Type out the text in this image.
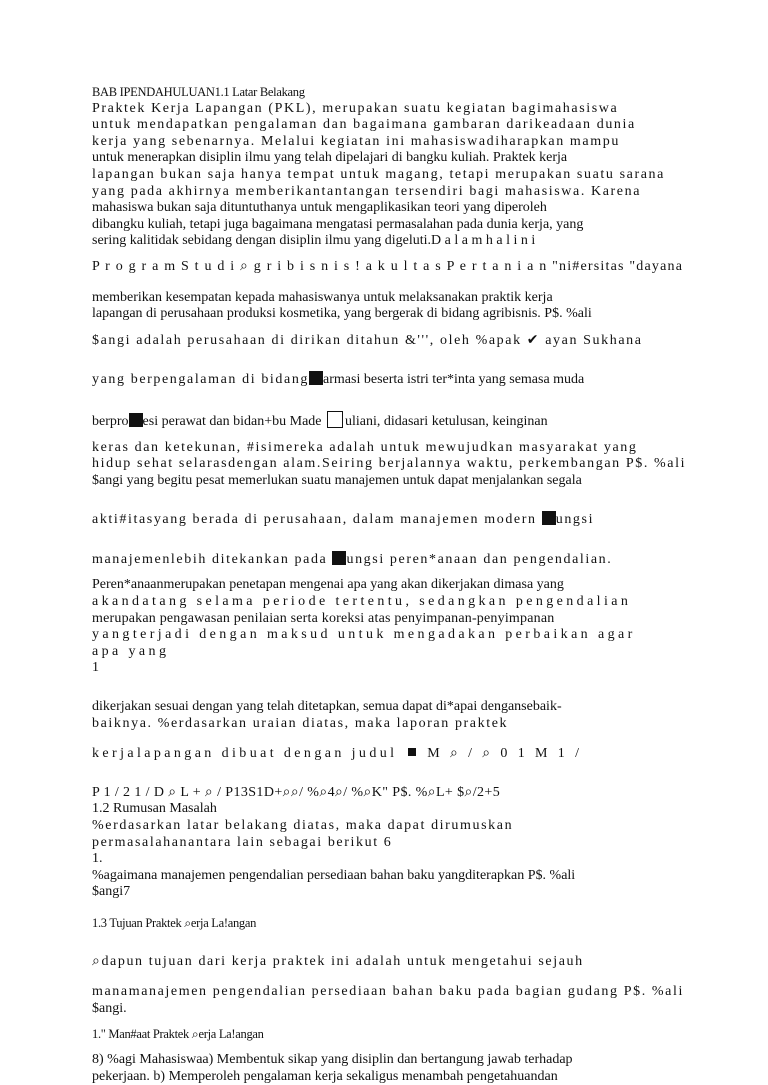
BAB IPENDAHULUAN1.1 Latar Belakang
Praktek Kerja Lapangan (PKL), merupakan suatu kegiatan bagimahasiswa
untuk mendapatkan pengalaman dan bagaimana gambaran darikeadaan dunia
kerja yang sebenarnya. Melalui kegiatan ini mahasiswadiharapkan mampu
untuk menerapkan disiplin ilmu yang telah dipelajari di bangku kuliah. Praktek kerja
lapangan bukan saja hanya tempat untuk magang, tetapi merupakan suatu sarana
yang pada akhirnya memberikantantangan tersendiri bagi mahasiswa. Karena
mahasiswa bukan saja dituntuthanya untuk mengaplikasikan teori yang diperoleh
dibangku kuliah, tetapi juga bagaimana mengatasi permasalahan pada dunia kerja, yang
sering kalitidak sebidang dengan disiplin ilmu yang digeluti.D a l a m h a l i n i
P r o g r a m S t u d i ⌕ g r i b i s n i s ! a k u l t a s P e r t a n i a n "ni#ersitas "dayana
memberikan kesempatan kepada mahasiswanya untuk melaksanakan praktik kerja
lapangan di perusahaan produksi kosmetika, yang bergerak di bidang agribisnis. P$. %ali
$angi adalah perusahaan di dirikan ditahun &''', oleh %apak ✔ ayan Sukhana
yang berpengalaman di bidang armasi beserta istri ter*inta yang semasa muda
berpro esi perawat dan bidan+bu Made uliani, didasari ketulusan, keinginan
keras dan ketekunan, #isimereka adalah untuk mewujudkan masyarakat yang
hidup sehat selarasdengan alam.Seiring berjalannya waktu, perkembangan P$. %ali
$angi yang begitu pesat memerlukan suatu manajemen untuk dapat menjalankan segala
akti#itasyang berada di perusahaan, dalam manajemen modern ungsi
manajemenlebih ditekankan pada ungsi peren*anaan dan pengendalian.
Peren*anaanmerupakan penetapan mengenai apa yang akan dikerjakan dimasa yang
akandatang selama periode tertentu, sedangkan pengendalian
merupakan pengawasan penilaian serta koreksi atas penyimpanan-penyimpanan
yangterjadi dengan maksud untuk mengadakan perbaikan agar
apa yang
1
dikerjakan sesuai dengan yang telah ditetapkan, semua dapat di*apai dengansebaik-
baiknya. %erdasarkan uraian diatas, maka laporan praktek
kerjalapangan dibuat dengan judul  M ⌕ / ⌕ 0 1 M 1 /
P 1 / 2 1 / D ⌕ L + ⌕ / P13S1D+⌕⌕/ %⌕4⌕/ %⌕K" P$. %⌕L+ $⌕/2+5
1.2 Rumusan Masalah
%erdasarkan latar belakang diatas, maka dapat dirumuskan
permasalahanantara lain sebagai berikut 6
1.
%agaimana manajemen pengendalian persediaan bahan baku yangditerapkan P$. %ali
$angi7
1.3 Tujuan Praktek ⌕erja La!angan
⌕dapun tujuan dari kerja praktek ini adalah untuk mengetahui sejauh
manamanajemen pengendalian persediaan bahan baku pada bagian gudang P$. %ali
$angi.
1." Man#aat Praktek ⌕erja La!angan
8) %agi Mahasiswaa) Membentuk sikap yang disiplin dan bertangung jawab terhadap
pekerjaan. b) Memperoleh pengalaman kerja sekaligus menambah pengetahuandan
